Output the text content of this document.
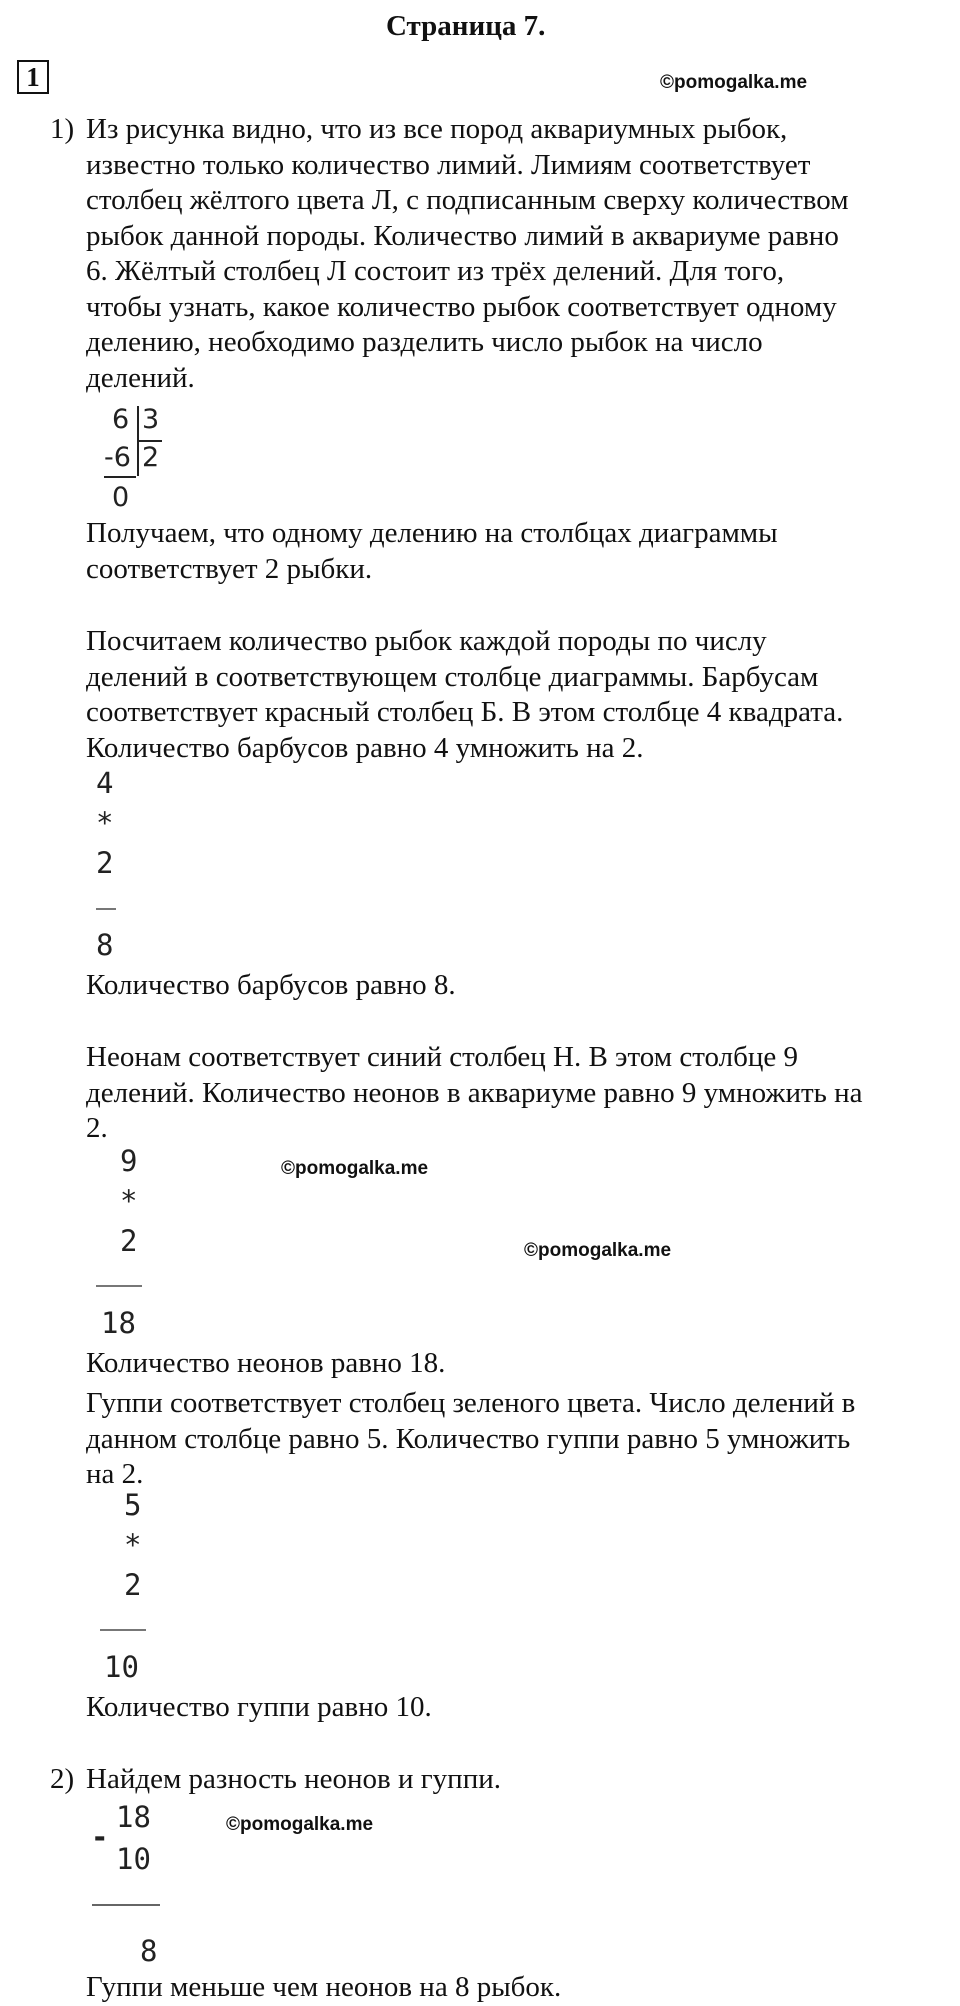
Страница 7.
1	©pomogalka.me
1) Из рисунка видно, что из все пород аквариумных рыбок,
известно только количество лимий. Лимиям соответствует
столбец жёлтого цвета Л, с подписанным сверху количеством
рыбок данной породы. Количество лимий в аквариуме равно
6. Жёлтый столбец Л состоит из трёх делений. Для того,
чтобы узнать, какое количество рыбок соответствует одному
делению, необходимо разделить число рыбок на число
делений.
6 3
-6 2
0
Получаем, что одному делению на столбцах диаграммы
соответствует 2 рыбки.
Посчитаем количество рыбок каждой породы по числу
делений в соответствующем столбце диаграммы. Барбусам
соответствует красный столбец Б. В этом столбце 4 квадрата.
Количество барбусов равно 4 умножить на 2.
4
*
2
8
Количество барбусов равно 8.
Неонам соответствует синий столбец Н. В этом столбце 9
делений. Количество неонов в аквариуме равно 9 умножить на
2.
9
*
2
18
©pomogalka.me
©pomogalka.me
Количество неонов равно 18.
Гуппи соответствует столбец зеленого цвета. Число делений в
данном столбце равно 5. Количество гуппи равно 5 умножить
на 2.
5
*
2
10
Количество гуппи равно 10.
2) Найдем разность неонов и гуппи.
-
18
10
8
©pomogalka.me
Гуппи меньше чем неонов на 8 рыбок.
